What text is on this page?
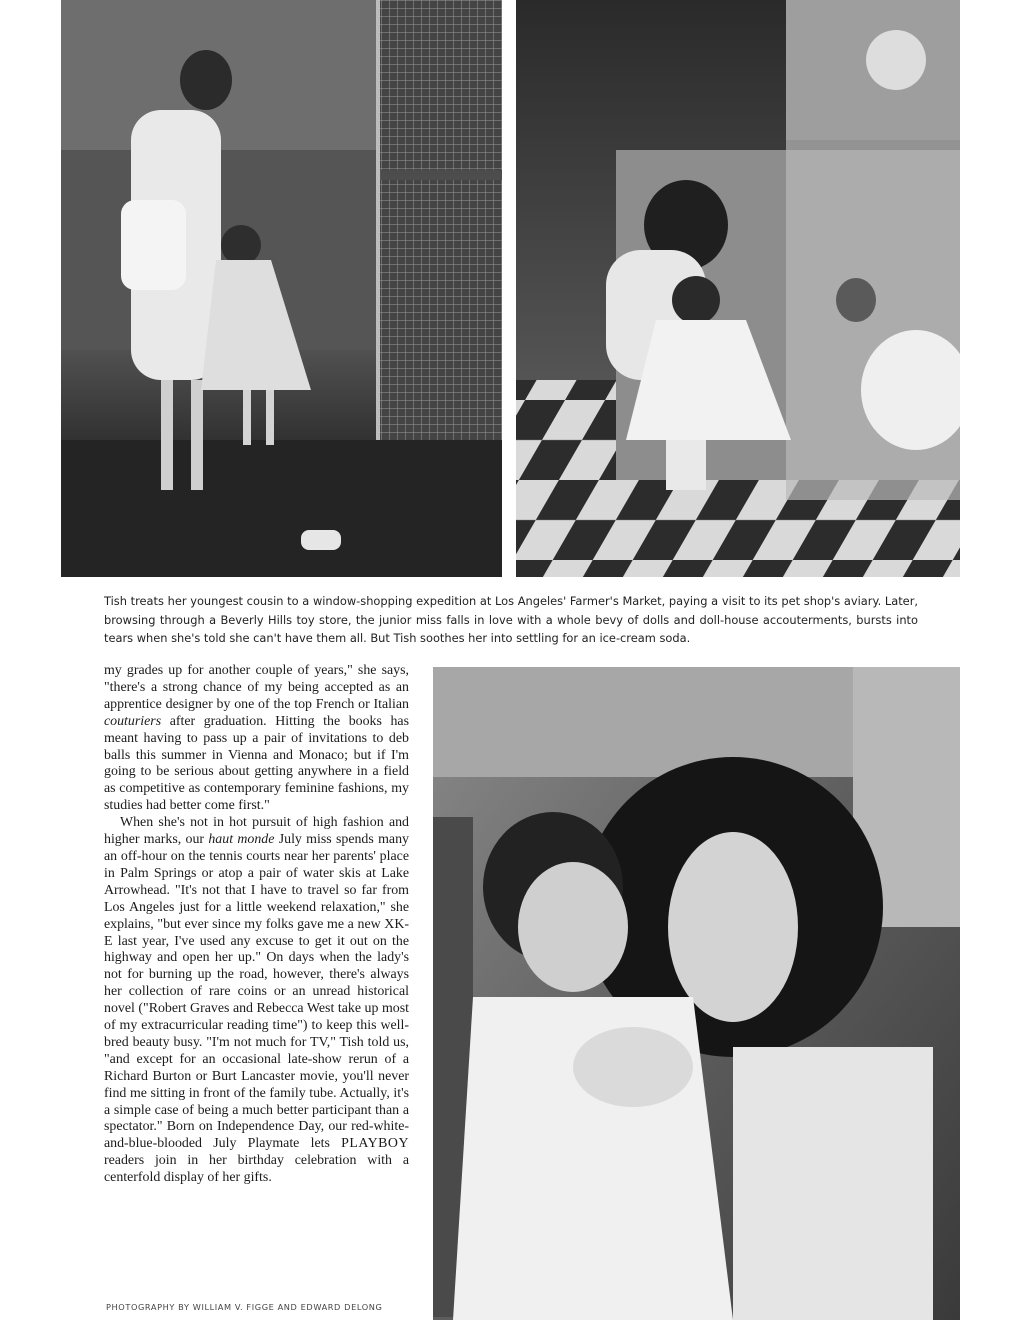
Tish treats her youngest cousin to a window-shopping expedition at Los Angeles' Farmer's Market, paying a visit to its pet shop's aviary. Later, browsing through a Beverly Hills toy store, the junior miss falls in love with a whole bevy of dolls and doll-house accouterments, bursts into tears when she's told she can't have them all. But Tish soothes her into settling for an ice-cream soda.

my grades up for another couple of years," she says, "there's a strong chance of my being accepted as an apprentice designer by one of the top French or Italian couturiers after graduation. Hitting the books has meant having to pass up a pair of invitations to deb balls this summer in Vienna and Monaco; but if I'm going to be serious about getting anywhere in a field as competitive as contemporary feminine fashions, my studies had better come first."

When she's not in hot pursuit of high fashion and higher marks, our haut monde July miss spends many an off-hour on the tennis courts near her parents' place in Palm Springs or atop a pair of water skis at Lake Arrowhead. "It's not that I have to travel so far from Los Angeles just for a little weekend relaxation," she explains, "but ever since my folks gave me a new XK-E last year, I've used any excuse to get it out on the highway and open her up." On days when the lady's not for burning up the road, however, there's always her collection of rare coins or an unread historical novel ("Robert Graves and Rebecca West take up most of my extracurricular reading time") to keep this well-bred beauty busy. "I'm not much for TV," Tish told us, "and except for an occasional late-show rerun of a Richard Burton or Burt Lancaster movie, you'll never find me sitting in front of the family tube. Actually, it's a simple case of being a much better participant than a spectator." Born on Independence Day, our red-white-and-blue-blooded July Playmate lets PLAYBOY readers join in her birthday celebration with a centerfold display of her gifts.

PHOTOGRAPHY BY WILLIAM V. FIGGE AND EDWARD DELONG
